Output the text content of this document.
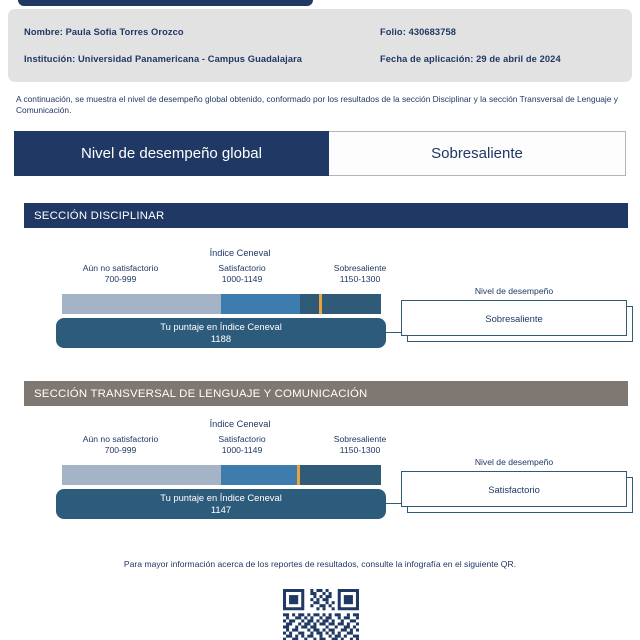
Nombre: Paula Sofia Torres Orozco	Folio: 430683758
Institución: Universidad Panamericana - Campus Guadalajara	Fecha de aplicación: 29 de abril de 2024
A continuación, se muestra el nivel de desempeño global obtenido, conformado por los resultados de la sección Disciplinar y la sección Transversal de Lenguaje y Comunicación.
Nivel de desempeño global	Sobresaliente
SECCIÓN DISCIPLINAR
Índice Ceneval
Aún no satisfactorio
700-999
Satisfactorio
1000-1149
Sobresaliente
1150-1300
Tu puntaje en Índice Ceneval
1188
Nivel de desempeño
Sobresaliente
SECCIÓN TRANSVERSAL DE LENGUAJE Y COMUNICACIÓN
Índice Ceneval
Aún no satisfactorio
700-999
Satisfactorio
1000-1149
Sobresaliente
1150-1300
Tu puntaje en Índice Ceneval
1147
Nivel de desempeño
Satisfactorio
Para mayor información acerca de los reportes de resultados, consulte la infografía en el siguiente QR.
